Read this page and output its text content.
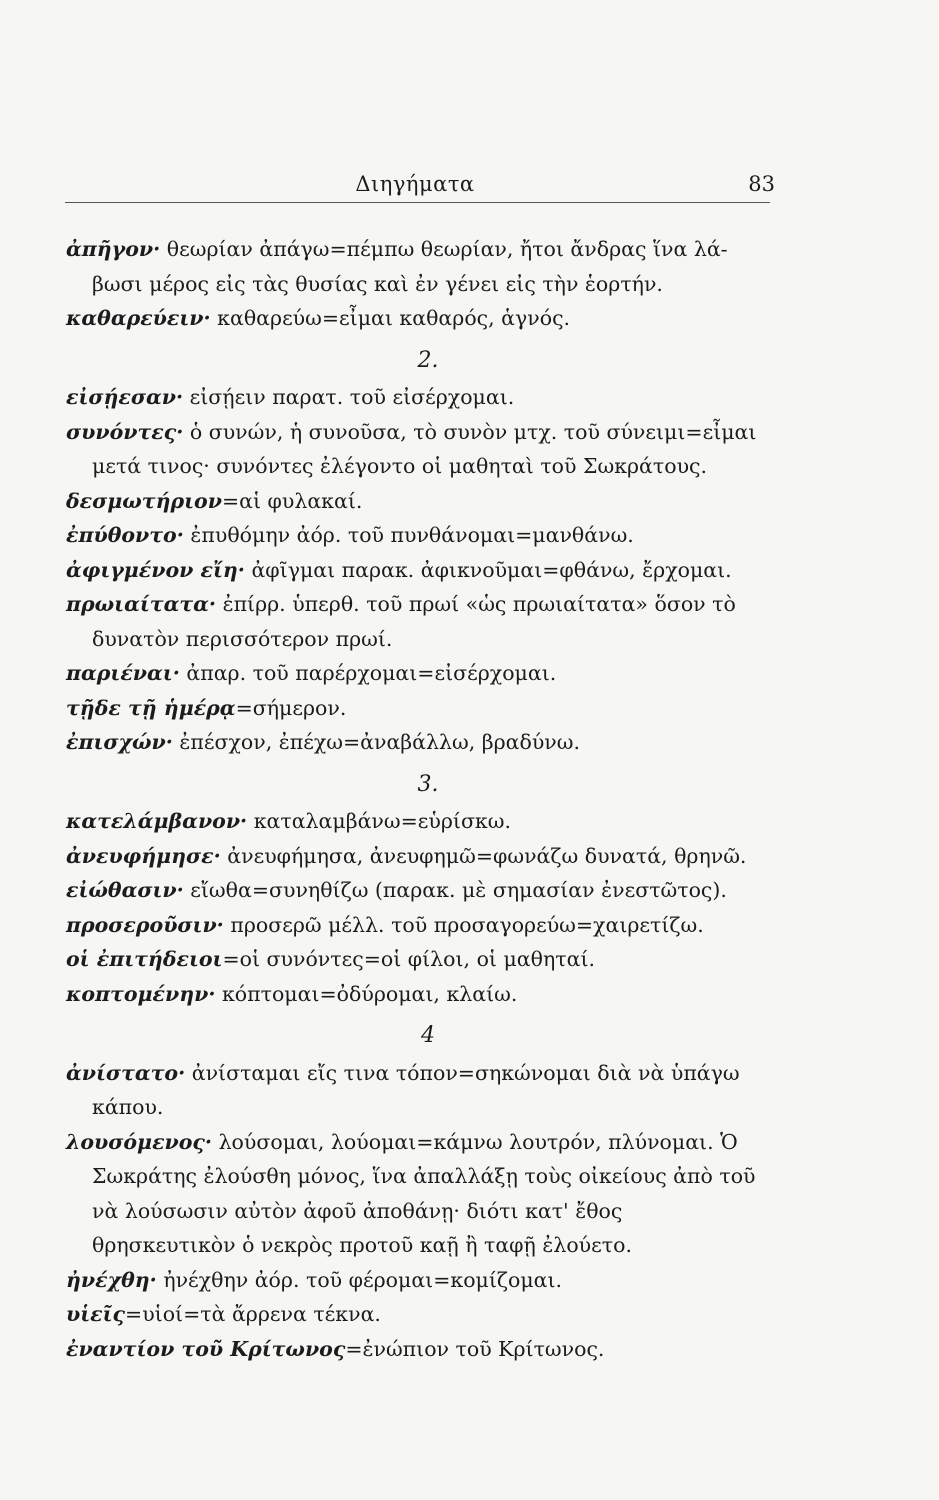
Διηγήματα	83

ἀπῆγον· θεωρίαν ἀπάγω=πέμπω θεωρίαν, ἤτοι ἄνδρας ἵνα λά-
βωσι μέρος εἰς τὰς θυσίας καὶ ἐν γένει εἰς τὴν ἑορτήν.

καθαρεύειν· καθαρεύω=εἶμαι καθαρός, ἁγνός.

2.

εἰσῄεσαν· εἰσῄειν παρατ. τοῦ εἰσέρχομαι.

συνόντες· ὁ συνών, ἡ συνοῦσα, τὸ συνὸν μτχ. τοῦ σύνειμι=εἶμαι
μετά τινος· συνόντες ἐλέγοντο οἱ μαθηταὶ τοῦ Σωκράτους.

δεσμωτήριον=αἱ φυλακαί.

ἐπύθοντο· ἐπυθόμην ἀόρ. τοῦ πυνθάνομαι=μανθάνω.

ἀφιγμένον εἴη· ἀφῖγμαι παρακ. ἀφικνοῦμαι=φθάνω, ἔρχομαι.

πρωιαίτατα· ἐπίρρ. ὑπερθ. τοῦ πρωί «ὡς πρωιαίτατα» ὅσον τὸ
δυνατὸν περισσότερον πρωί.

παριέναι· ἀπαρ. τοῦ παρέρχομαι=εἰσέρχομαι.

τῇδε τῇ ἡμέρᾳ=σήμερον.

ἐπισχών· ἐπέσχον, ἐπέχω=ἀναβάλλω, βραδύνω.

3.

κατελάμβανον· καταλαμβάνω=εὑρίσκω.

ἀνευφήμησε· ἀνευφήμησα, ἀνευφημῶ=φωνάζω δυνατά, θρηνῶ.

εἰώθασιν· εἴωθα=συνηθίζω (παρακ. μὲ σημασίαν ἐνεστῶτος).

προσεροῦσιν· προσερῶ μέλλ. τοῦ προσαγορεύω=χαιρετίζω.

οἱ ἐπιτήδειοι=οἱ συνόντες=οἱ φίλοι, οἱ μαθηταί.

κοπτομένην· κόπτομαι=ὀδύρομαι, κλαίω.

4

ἀνίστατο· ἀνίσταμαι εἴς τινα τόπον=σηκώνομαι διὰ νὰ ὑπάγω
κάπου.

λουσόμενος· λούσομαι, λούομαι=κάμνω λουτρόν, πλύνομαι. Ὁ
Σωκράτης ἐλούσθη μόνος, ἵνα ἀπαλλάξῃ τοὺς οἰκείους ἀπὸ τοῦ νὰ λούσωσιν αὐτὸν ἀφοῦ ἀποθάνῃ· διότι κατ' ἔθος θρησκευτικὸν ὁ νεκρὸς προτοῦ καῇ ἢ ταφῇ ἐλούετο.

ἠνέχθη· ἠνέχθην ἀόρ. τοῦ φέρομαι=κομίζομαι.

υἱεῖς=υἱοί=τὰ ἄρρενα τέκνα.

ἐναντίον τοῦ Κρίτωνος=ἐνώπιον τοῦ Κρίτωνος.
